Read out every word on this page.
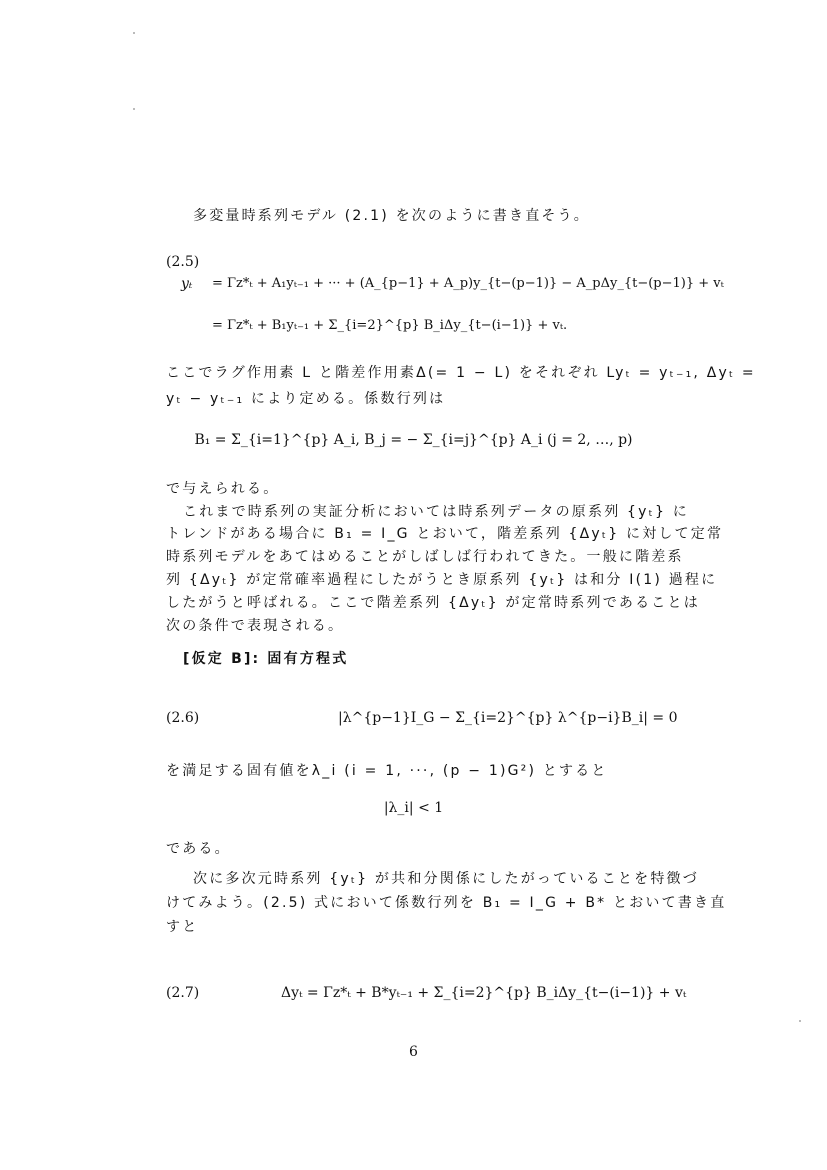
多変量時系列モデル (2.1) を次のように書き直そう。
(2.5)
yₜ = Γz*ₜ + A₁yₜ₋₁ + ··· + (A_{p−1} + A_p)y_{t−(p−1)} − A_pΔy_{t−(p−1)} + vₜ
= Γz*ₜ + B₁yₜ₋₁ + Σ_{i=2}^{p} B_iΔy_{t−(i−1)} + vₜ.
ここでラグ作用素 L と階差作用素Δ(= 1 − L) をそれぞれ Lyₜ = yₜ₋₁, Δyₜ =
yₜ − yₜ₋₁ により定める。係数行列は
B₁ = Σ_{i=1}^{p} A_i, B_j = − Σ_{i=j}^{p} A_i (j = 2, …, p)
で与えられる。
これまで時系列の実証分析においては時系列データの原系列 {yₜ} に
トレンドがある場合に B₁ = I_G とおいて，階差系列 {Δyₜ} に対して定常
時系列モデルをあてはめることがしばしば行われてきた。一般に階差系
列 {Δyₜ} が定常確率過程にしたがうとき原系列 {yₜ} は和分 I(1) 過程に
したがうと呼ばれる。ここで階差系列 {Δyₜ} が定常時系列であることは
次の条件で表現される。
[仮定 B]: 固有方程式
(2.6)	|λ^{p−1}I_G − Σ_{i=2}^{p} λ^{p−i}B_i| = 0
を満足する固有値をλ_i (i = 1, ···, (p − 1)G²) とすると
|λ_i| < 1
である。
次に多次元時系列 {yₜ} が共和分関係にしたがっていることを特徴づ
けてみよう。(2.5) 式において係数行列を B₁ = I_G + B* とおいて書き直
すと
(2.7)	Δyₜ = Γz*ₜ + B*yₜ₋₁ + Σ_{i=2}^{p} B_iΔy_{t−(i−1)} + vₜ
6
